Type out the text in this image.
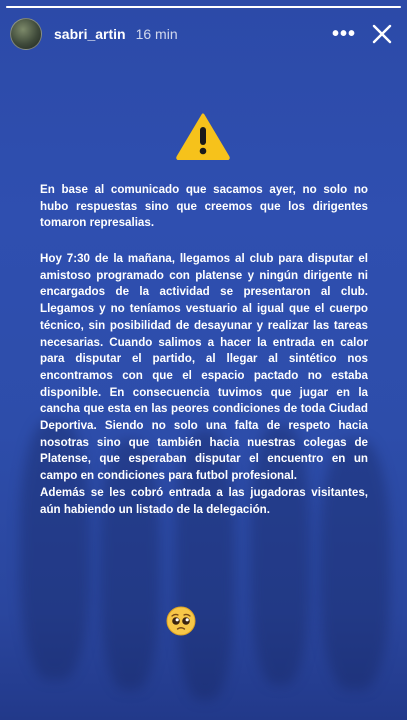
sabri_artin 16 min	•••

En base al comunicado que sacamos ayer, no solo no hubo respuestas sino que creemos que los dirigentes tomaron represalias.

Hoy 7:30 de la mañana, llegamos al club para disputar el amistoso programado con platense y ningún dirigente ni encargados de la actividad se presentaron al club. Llegamos y no teníamos vestuario al igual que el cuerpo técnico, sin posibilidad de desayunar y realizar las tareas necesarias. Cuando salimos a hacer la entrada en calor para disputar el partido, al llegar al sintético nos encontramos con que el espacio pactado no estaba disponible. En consecuencia tuvimos que jugar en la cancha que esta en las peores condiciones de toda Ciudad Deportiva. Siendo no solo una falta de respeto hacia nosotras sino que también hacia nuestras colegas de Platense, que esperaban disputar el encuentro en un campo en condiciones para futbol profesional.

Además se les cobró entrada a las jugadoras visitantes, aún habiendo un listado de la delegación.
